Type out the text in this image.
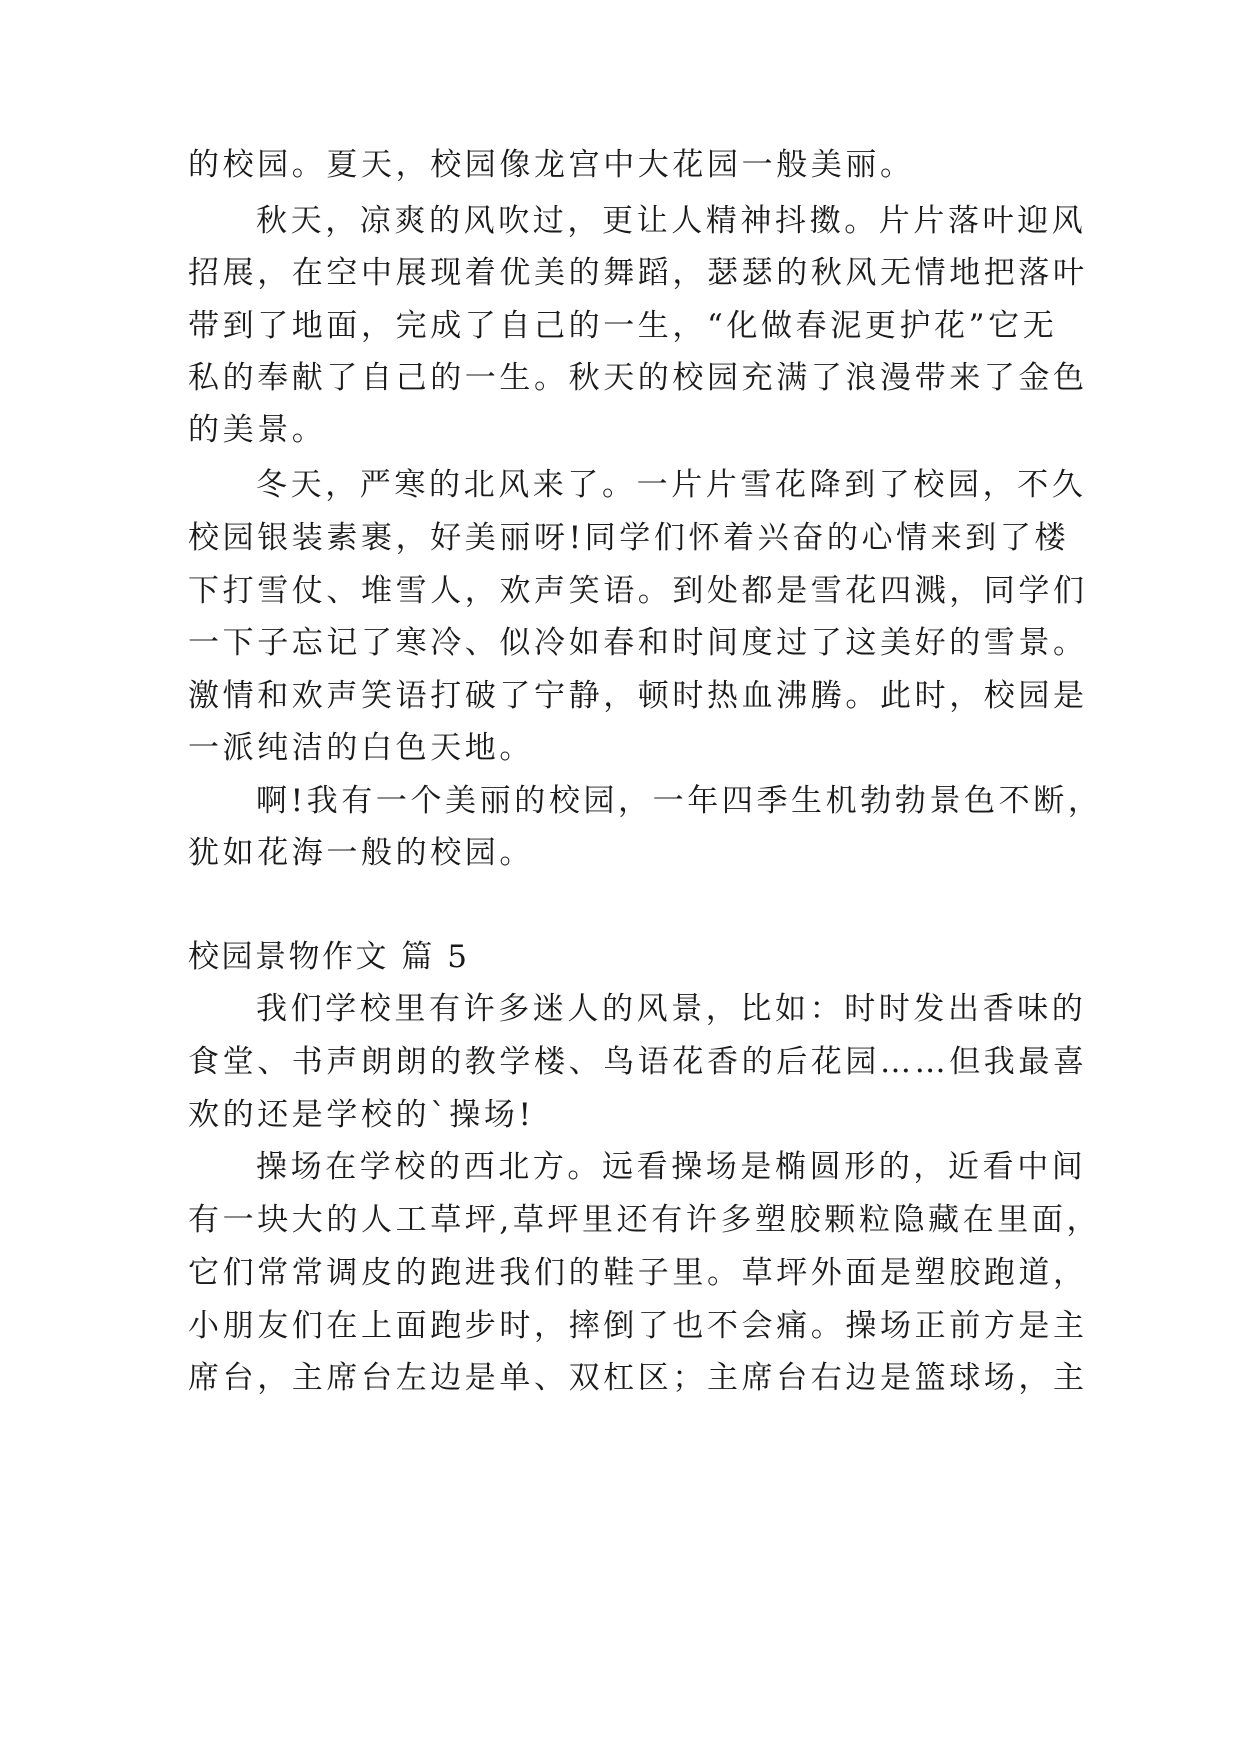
的校园。夏天，校园像龙宫中大花园一般美丽。
秋天，凉爽的风吹过，更让人精神抖擞。片片落叶迎风
招展，在空中展现着优美的舞蹈，瑟瑟的秋风无情地把落叶
带到了地面，完成了自己的一生，“化做春泥更护花”它无
私的奉献了自己的一生。秋天的校园充满了浪漫带来了金色
的美景。
冬天，严寒的北风来了。一片片雪花降到了校园，不久
校园银装素裹，好美丽呀!同学们怀着兴奋的心情来到了楼
下打雪仗、堆雪人，欢声笑语。到处都是雪花四溅，同学们
一下子忘记了寒冷、似冷如春和时间度过了这美好的雪景。
激情和欢声笑语打破了宁静，顿时热血沸腾。此时，校园是
一派纯洁的白色天地。
啊!我有一个美丽的校园，一年四季生机勃勃景色不断，
犹如花海一般的校园。
校园景物作文 篇 5
我们学校里有许多迷人的风景，比如：时时发出香味的
食堂、书声朗朗的教学楼、鸟语花香的后花园……但我最喜
欢的还是学校的`操场!
操场在学校的西北方。远看操场是椭圆形的，近看中间
有一块大的人工草坪,草坪里还有许多塑胶颗粒隐藏在里面，
它们常常调皮的跑进我们的鞋子里。草坪外面是塑胶跑道，
小朋友们在上面跑步时，摔倒了也不会痛。操场正前方是主
席台，主席台左边是单、双杠区；主席台右边是篮球场，主
